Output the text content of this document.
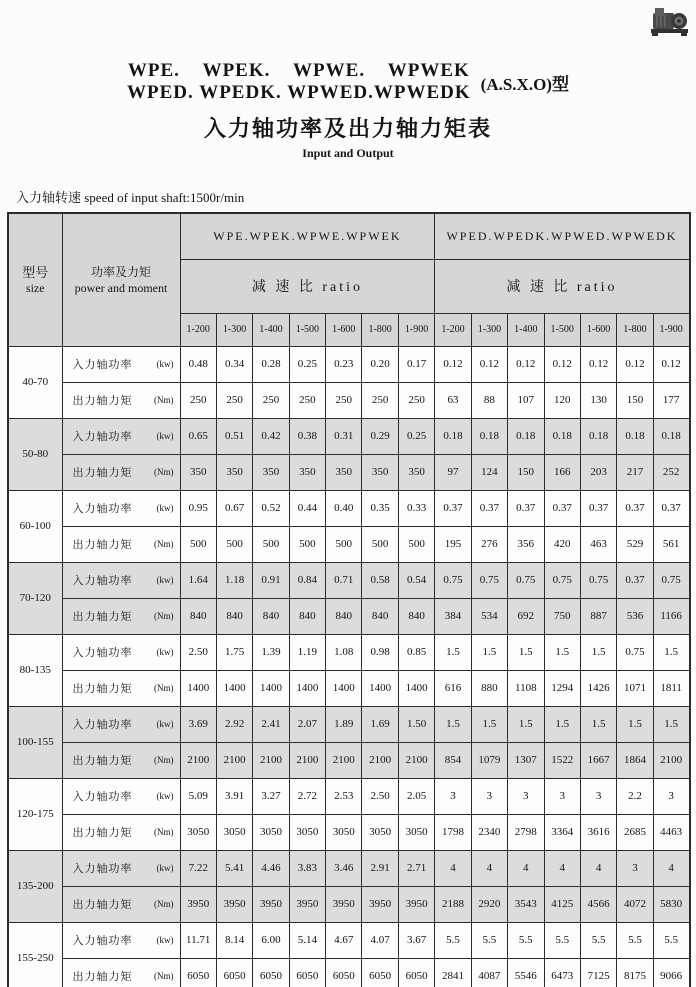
WPE.    WPEK.    WPWE.    WPWEK
WPED. WPEDK. WPWED.WPWEDK (A.S.X.O)型
入力轴功率及出力轴力矩表
Input and Output
入力轴转速 speed of input shaft:1500r/min
型号
size

功率及力矩
power and moment
	WPE.WPEK.WPWE.WPWEK	WPED.WPEDK.WPWED.WPWEDK
		减 速 比 ratio							减 速 比 ratio						
		1-200	1-300	1-400	1-500	1-600	1-800	1-900	1-200	1-300	1-400	1-500	1-600	1-800	1-900
40-70	入力轴功率 (kw)	0.48	0.34	0.28	0.25	0.23	0.20	0.17	0.12	0.12	0.12	0.12	0.12	0.12	0.12

	出力轴力矩 (Nm)	250	250	250	250	250	250	250	63	88	107	120	130	150	177
50-80	入力轴功率 (kw)	0.65	0.51	0.42	0.38	0.31	0.29	0.25	0.18	0.18	0.18	0.18	0.18	0.18	0.18

	出力轴力矩 (Nm)	350	350	350	350	350	350	350	97	124	150	166	203	217	252
60-100	入力轴功率 (kw)	0.95	0.67	0.52	0.44	0.40	0.35	0.33	0.37	0.37	0.37	0.37	0.37	0.37	0.37

	出力轴力矩 (Nm)	500	500	500	500	500	500	500	195	276	356	420	463	529	561
70-120	入力轴功率 (kw)	1.64	1.18	0.91	0.84	0.71	0.58	0.54	0.75	0.75	0.75	0.75	0.75	0.37	0.75

	出力轴力矩 (Nm)	840	840	840	840	840	840	840	384	534	692	750	887	536	1166
80-135	入力轴功率 (kw)	2.50	1.75	1.39	1.19	1.08	0.98	0.85	1.5	1.5	1.5	1.5	1.5	0.75	1.5

	出力轴力矩 (Nm)	1400	1400	1400	1400	1400	1400	1400	616	880	1108	1294	1426	1071	1811
100-155	入力轴功率 (kw)	3.69	2.92	2.41	2.07	1.89	1.69	1.50	1.5	1.5	1.5	1.5	1.5	1.5	1.5

	出力轴力矩 (Nm)	2100	2100	2100	2100	2100	2100	2100	854	1079	1307	1522	1667	1864	2100
120-175	入力轴功率 (kw)	5.09	3.91	3.27	2.72	2.53	2.50	2.05	3	3	3	3	3	2.2	3

	出力轴力矩 (Nm)	3050	3050	3050	3050	3050	3050	3050	1798	2340	2798	3364	3616	2685	4463
135-200	入力轴功率 (kw)	7.22	5.41	4.46	3.83	3.46	2.91	2.71	4	4	4	4	4	3	4

	出力轴力矩 (Nm)	3950	3950	3950	3950	3950	3950	3950	2188	2920	3543	4125	4566	4072	5830
155-250	入力轴功率 (kw)	11.71	8.14	6.00	5.14	4.67	4.07	3.67	5.5	5.5	5.5	5.5	5.5	5.5	5.5

	出力轴力矩 (Nm)	6050	6050	6050	6050	6050	6050	6050	2841	4087	5546	6473	7125	8175	9066
